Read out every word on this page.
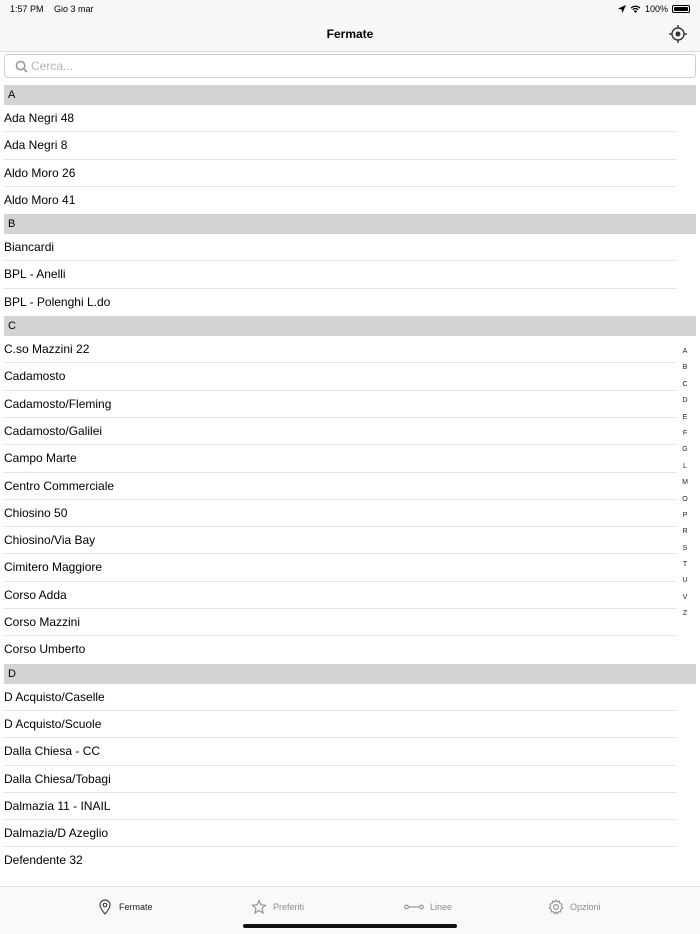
1:57 PM Gio 3 mar	100%
Fermate
Cerca...
A
Ada Negri 48
Ada Negri 8
Aldo Moro 26
Aldo Moro 41
B
Biancardi
BPL - Anelli
BPL - Polenghi L.do
C
C.so Mazzini 22
Cadamosto
Cadamosto/Fleming
Cadamosto/Galilei
Campo Marte
Centro Commerciale
Chiosino 50
Chiosino/Via Bay
Cimitero Maggiore
Corso Adda
Corso Mazzini
Corso Umberto
D
D Acquisto/Caselle
D Acquisto/Scuole
Dalla Chiesa - CC
Dalla Chiesa/Tobagi
Dalmazia 11 - INAIL
Dalmazia/D Azeglio
Defendente 32
A
B
C
D
E
F
G
L
M
O
P
R
S
T
U
V
Z
Fermate	Preferiti	Linee	Opzioni
